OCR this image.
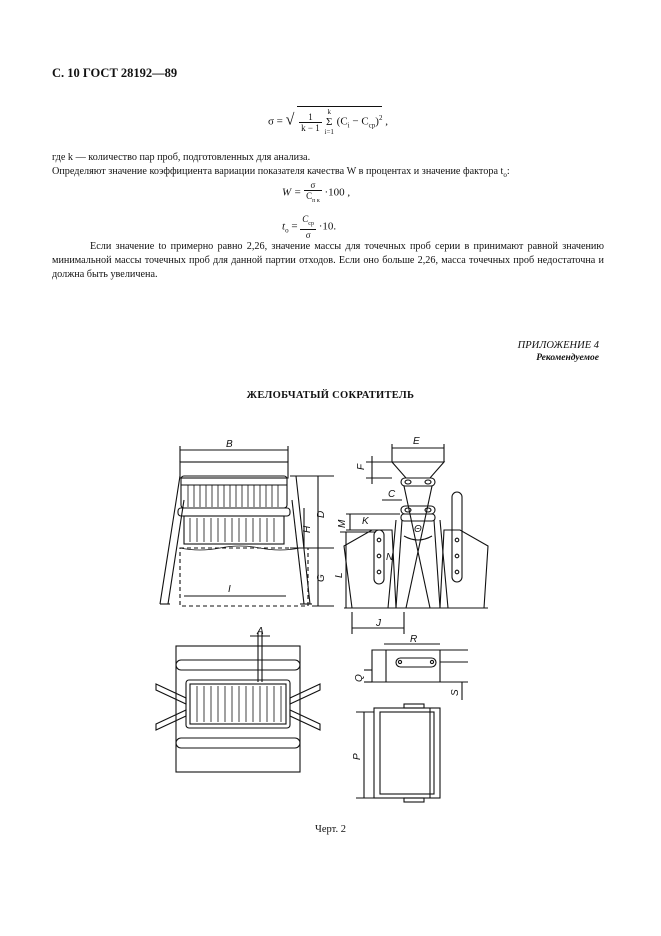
С. 10 ГОСТ 28192—89
σ = √ $\frac{1}{k - 1}$
k
Σ
i=1
$(C_i - C_{ср})^2$ ,
где k — количество пар проб, подготовленных для анализа.
Определяют значение коэффициента вариации показателя качества W в процентах и значение фактора $t_о$:
$W = \frac{\sigma}{C_{п к}} \cdot 100$ ,
$t_о = \frac{C_{ср}}{\sigma} \cdot 10$.
Если значение tо примерно равно 2,26, значение массы для точечных проб серии в принимают равной значению минимальной массы точечных проб для данной партии отходов. Если оно больше 2,26, масса точечных проб недостаточна и должна быть увеличена.
ПРИЛОЖЕНИЕ 4
Рекомендуемое
ЖЕЛОБЧАТЫЙ СОКРАТИТЕЛЬ
B
D
H
G
I
E
F
C
K
M
Θ
N
L
J
A
R
Q
S
P
Черт. 2
